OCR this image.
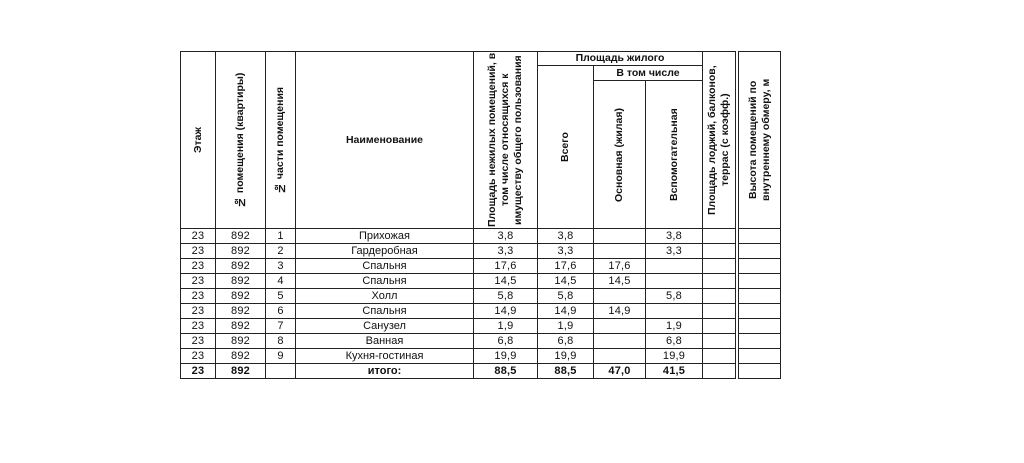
Этаж	№ помещения (квартиры)	№ части помещения	Наименование	Площадь нежилых помещений, в том числе относящихся к имуществу общего пользования	Площадь жилого			Площадь лоджий, балконов, террас (с коэфф.)		Высота помещений по внутреннему обмеру, м

					Всего	В том числе				

						Основная (жилая)	Вспомогательная			

23	892	1	Прихожая	3,8	3,8		3,8			
23	892	2	Гардеробная	3,3	3,3		3,3			
23	892	3	Спальня	17,6	17,6	17,6				
23	892	4	Спальня	14,5	14,5	14,5				
23	892	5	Холл	5,8	5,8		5,8			
23	892	6	Спальня	14,9	14,9	14,9				
23	892	7	Санузел	1,9	1,9		1,9			
23	892	8	Ванная	6,8	6,8		6,8			
23	892	9	Кухня-гостиная	19,9	19,9		19,9			
23	892		итого:	88,5	88,5	47,0	41,5			
